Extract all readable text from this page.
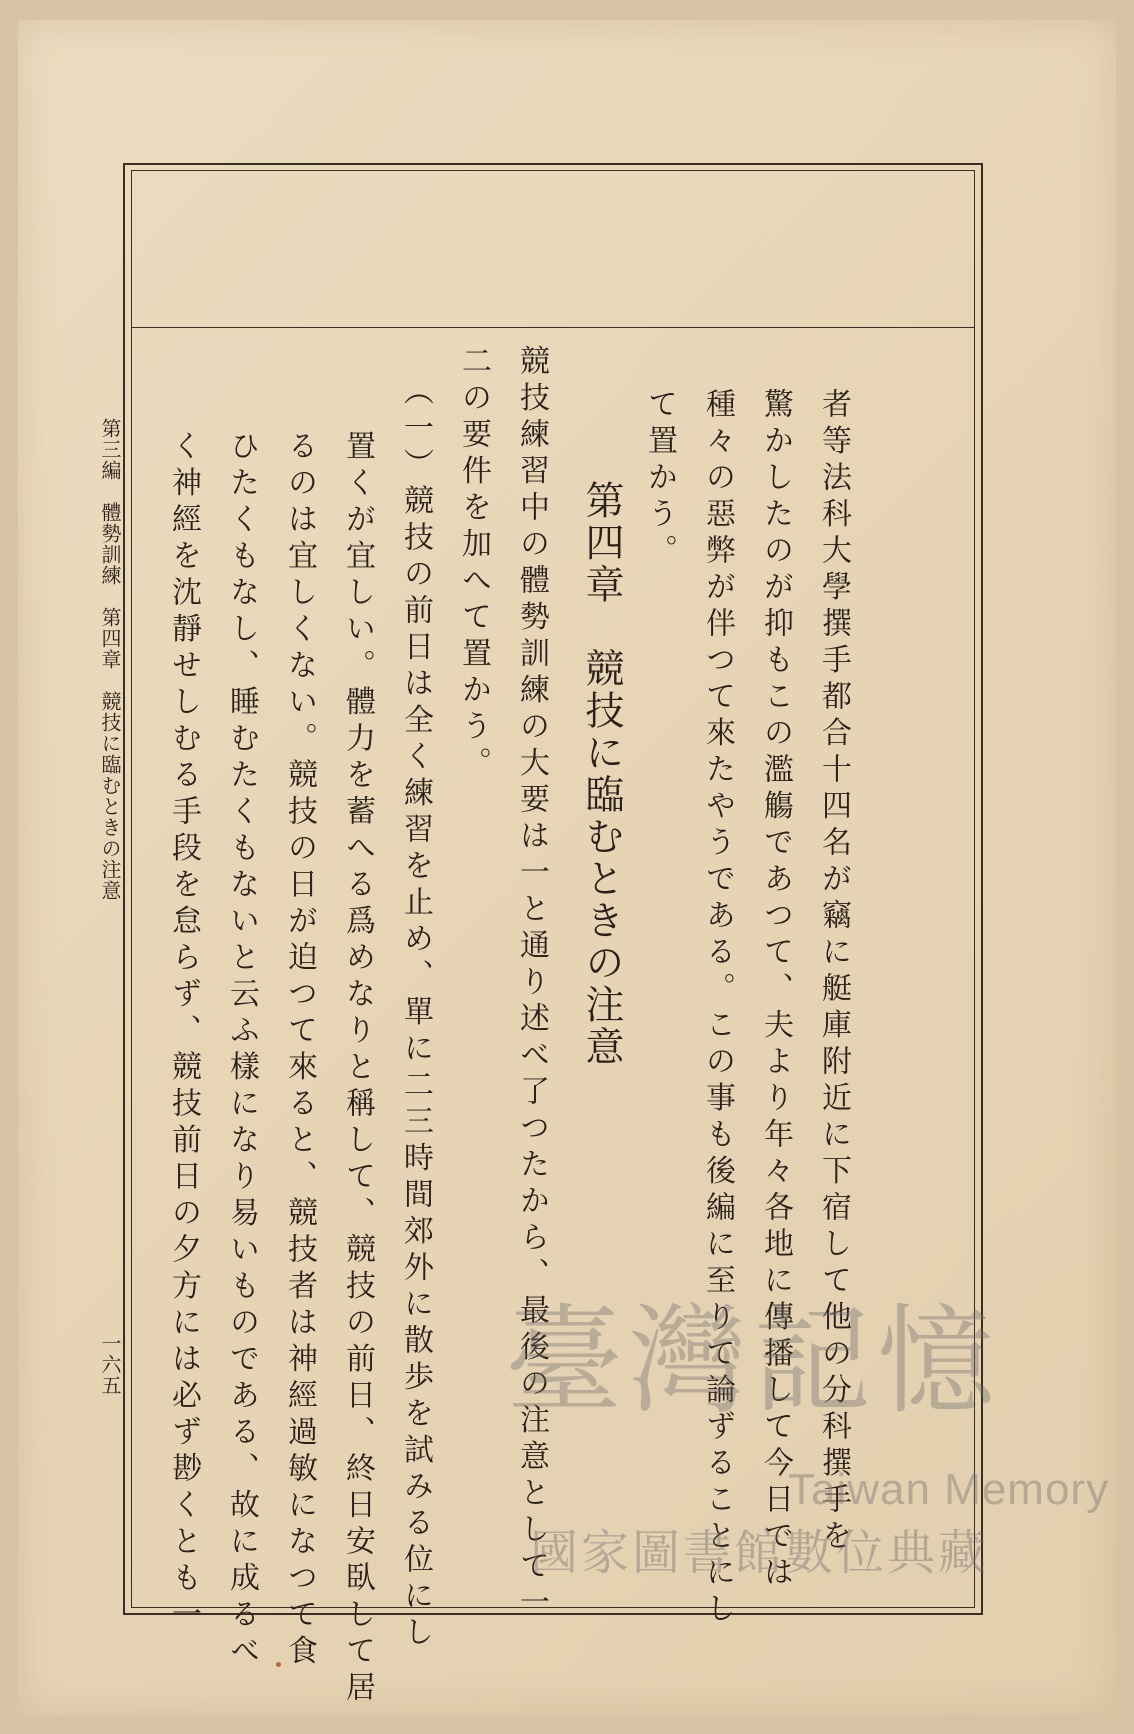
者等法科大學撰手都合十四名が竊に艇庫附近に下宿して他の分科撰手を
驚かしたのが抑もこの濫觴であつて、夫より年々各地に傳播して今日では
種々の惡弊が伴つて來たやうである。この事も後編に至りて論ずることにし
て置かう。
第四章　競技に臨むときの注意
競技練習中の體勢訓練の大要は一と通り述べ了つたから、最後の注意として一
二の要件を加へて置かう。
（一）競技の前日は全く練習を止め、單に二三時間郊外に散歩を試みる位にし
置くが宜しい。體力を蓄へる爲めなりと稱して、競技の前日、終日安臥して居
るのは宜しくない。競技の日が迫つて來ると、競技者は神經過敏になつて食
ひたくもなし、睡むたくもないと云ふ樣になり易いものである、故に成るべ
く神經を沈靜せしむる手段を怠らず、競技前日の夕方には必ず尠くとも一
第三編　體勢訓練　第四章　競技に臨むときの注意
一六五	臺灣記憶
Taiwan Memory
國家圖書館數位典藏
